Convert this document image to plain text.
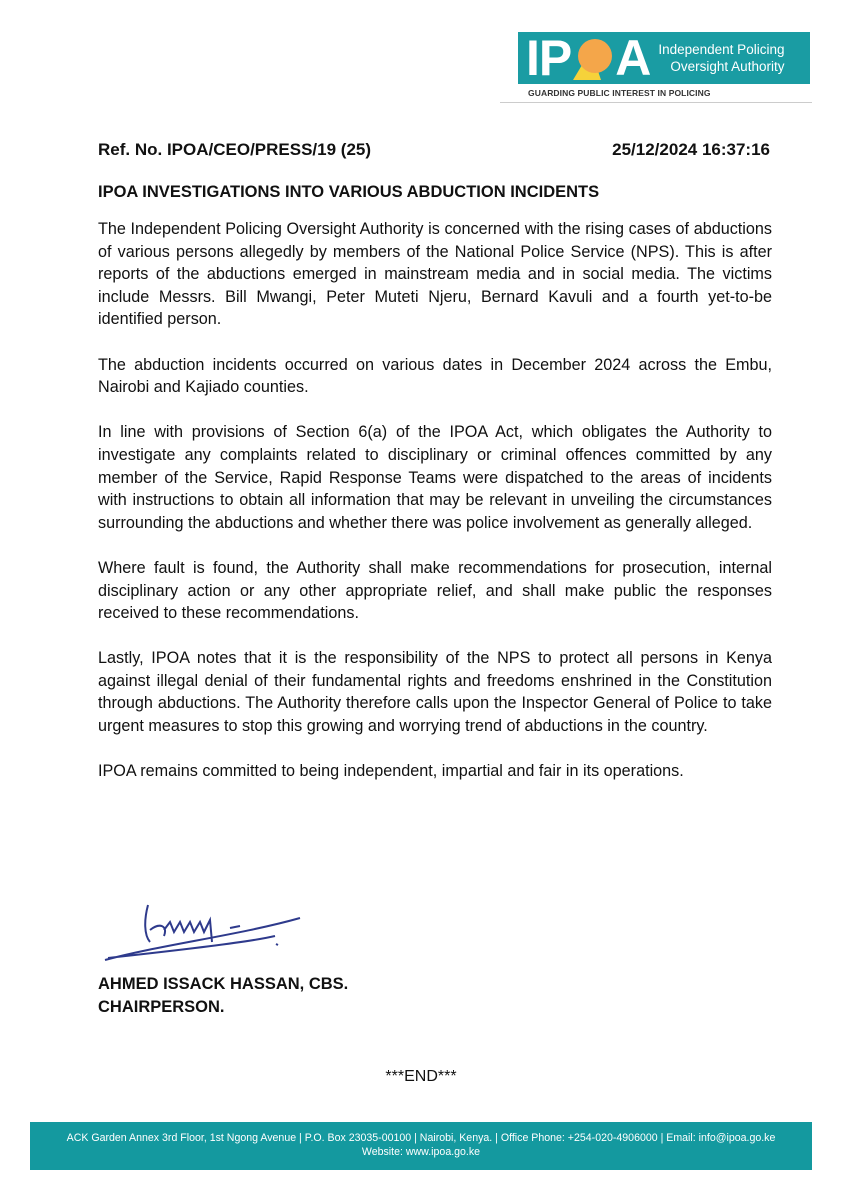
IP A Independent Policing
Oversight Authority
GUARDING PUBLIC INTEREST IN POLICING
Ref. No. IPOA/CEO/PRESS/19 (25)	25/12/2024 16:37:16
IPOA INVESTIGATIONS INTO VARIOUS ABDUCTION INCIDENTS

The Independent Policing Oversight Authority is concerned with the rising cases of abductions of various persons allegedly by members of the National Police Service (NPS). This is after reports of the abductions emerged in mainstream media and in social media. The victims include Messrs. Bill Mwangi, Peter Muteti Njeru, Bernard Kavuli and a fourth yet-to-be identified person.

The abduction incidents occurred on various dates in December 2024 across the Embu, Nairobi and Kajiado counties.

In line with provisions of Section 6(a) of the IPOA Act, which obligates the Authority to investigate any complaints related to disciplinary or criminal offences committed by any member of the Service, Rapid Response Teams were dispatched to the areas of incidents with instructions to obtain all information that may be relevant in unveiling the circumstances surrounding the abductions and whether there was police involvement as generally alleged.

Where fault is found, the Authority shall make recommendations for prosecution, internal disciplinary action or any other appropriate relief, and shall make public the responses received to these recommendations.

Lastly, IPOA notes that it is the responsibility of the NPS to protect all persons in Kenya against illegal denial of their fundamental rights and freedoms enshrined in the Constitution through abductions. The Authority therefore calls upon the Inspector General of Police to take urgent measures to stop this growing and worrying trend of abductions in the country.

IPOA remains committed to being independent, impartial and fair in its operations.

AHMED ISSACK HASSAN, CBS.
CHAIRPERSON.
***END***
ACK Garden Annex 3rd Floor, 1st Ngong Avenue | P.O. Box 23035-00100 | Nairobi, Kenya. | Office Phone: +254-020-4906000 | Email: info@ipoa.go.ke
Website: www.ipoa.go.ke
